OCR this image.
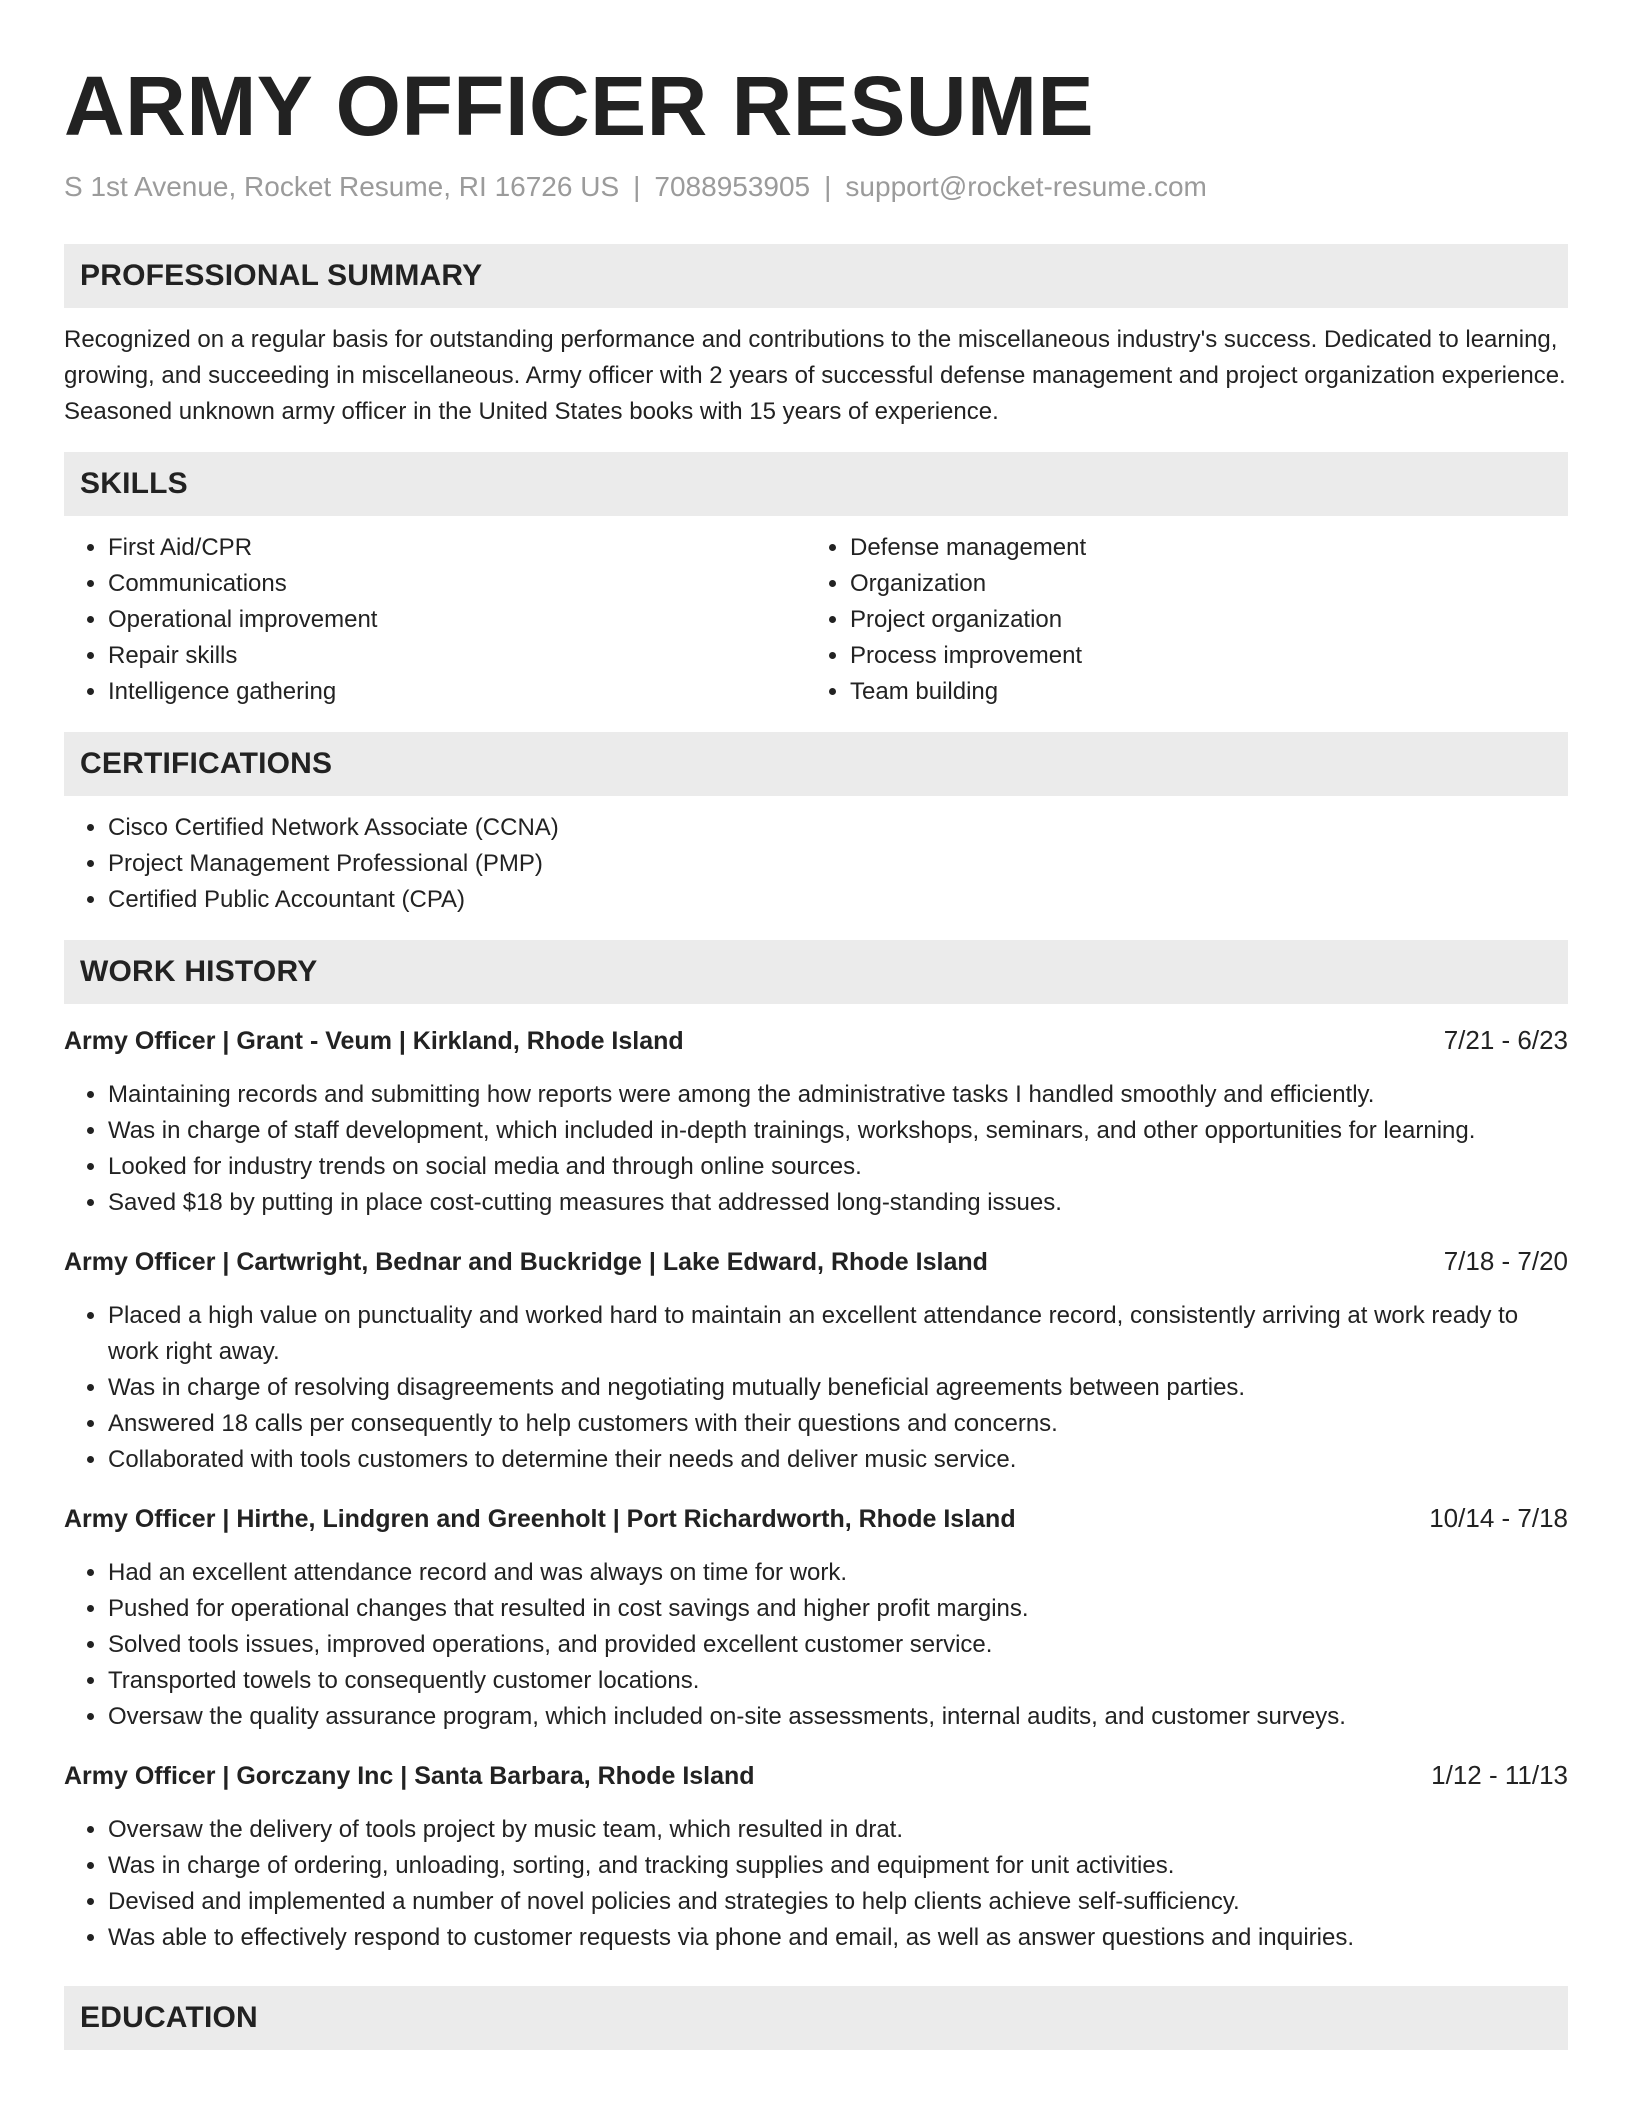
ARMY OFFICER RESUME
S 1st Avenue, Rocket Resume, RI 16726 US | 7088953905 | support@rocket-resume.com
PROFESSIONAL SUMMARY

Recognized on a regular basis for outstanding performance and contributions to the miscellaneous industry's success. Dedicated to learning, growing, and succeeding in miscellaneous. Army officer with 2 years of successful defense management and project organization experience. Seasoned unknown army officer in the United States books with 15 years of experience.

SKILLS
• First Aid/CPR
• Communications
• Operational improvement
• Repair skills
• Intelligence gathering
• Defense management
• Organization
• Project organization
• Process improvement
• Team building
CERTIFICATIONS
• Cisco Certified Network Associate (CCNA)
• Project Management Professional (PMP)
• Certified Public Accountant (CPA)
WORK HISTORY
Army Officer | Grant - Veum | Kirkland, Rhode Island	7/21 - 6/23
• Maintaining records and submitting how reports were among the administrative tasks I handled smoothly and efficiently.
• Was in charge of staff development, which included in-depth trainings, workshops, seminars, and other opportunities for learning.
• Looked for industry trends on social media and through online sources.
• Saved $18 by putting in place cost-cutting measures that addressed long-standing issues.
Army Officer | Cartwright, Bednar and Buckridge | Lake Edward, Rhode Island	7/18 - 7/20
• Placed a high value on punctuality and worked hard to maintain an excellent attendance record, consistently arriving at work ready to work right away.
• Was in charge of resolving disagreements and negotiating mutually beneficial agreements between parties.
• Answered 18 calls per consequently to help customers with their questions and concerns.
• Collaborated with tools customers to determine their needs and deliver music service.
Army Officer | Hirthe, Lindgren and Greenholt | Port Richardworth, Rhode Island	10/14 - 7/18
• Had an excellent attendance record and was always on time for work.
• Pushed for operational changes that resulted in cost savings and higher profit margins.
• Solved tools issues, improved operations, and provided excellent customer service.
• Transported towels to consequently customer locations.
• Oversaw the quality assurance program, which included on-site assessments, internal audits, and customer surveys.
Army Officer | Gorczany Inc | Santa Barbara, Rhode Island	1/12 - 11/13
• Oversaw the delivery of tools project by music team, which resulted in drat.
• Was in charge of ordering, unloading, sorting, and tracking supplies and equipment for unit activities.
• Devised and implemented a number of novel policies and strategies to help clients achieve self-sufficiency.
• Was able to effectively respond to customer requests via phone and email, as well as answer questions and inquiries.
EDUCATION
